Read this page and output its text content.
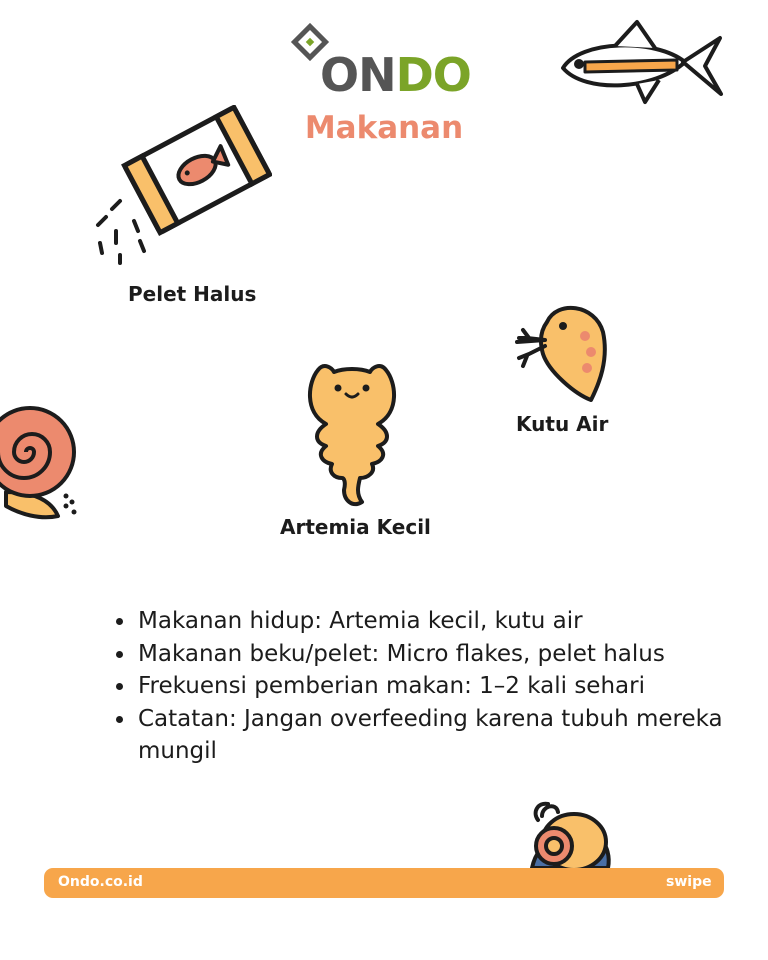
ONDO
Makanan
Pelet Halus
Kutu Air
Artemia Kecil
• Makanan hidup: Artemia kecil, kutu air
• Makanan beku/pelet: Micro flakes, pelet halus
• Frekuensi pemberian makan: 1–2 kali sehari
• Catatan: Jangan overfeeding karena tubuh mereka mungil
Ondo.co.id	swipe
